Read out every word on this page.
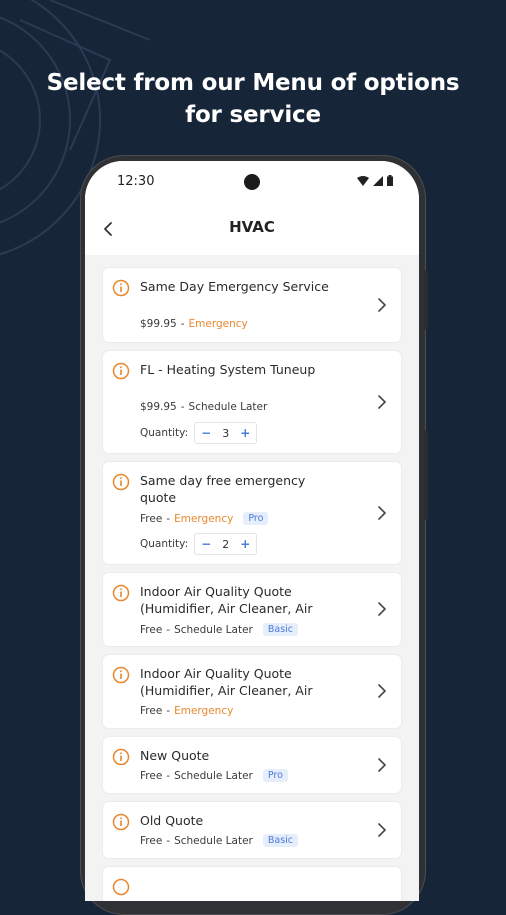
Select from our Menu of options
for service
12:30
HVAC
Same Day Emergency Service
$99.95 - Emergency
FL - Heating System Tuneup
$99.95 - Schedule Later
Quantity: − 3 +
Same day free emergency quote
Free - Emergency	Pro
Quantity: − 2 +
Indoor Air Quality Quote (Humidifier, Air Cleaner, Air
Free - Schedule Later	Basic
Indoor Air Quality Quote (Humidifier, Air Cleaner, Air
Free - Emergency
New Quote
Free - Schedule Later	Pro
Old Quote
Free - Schedule Later	Basic
